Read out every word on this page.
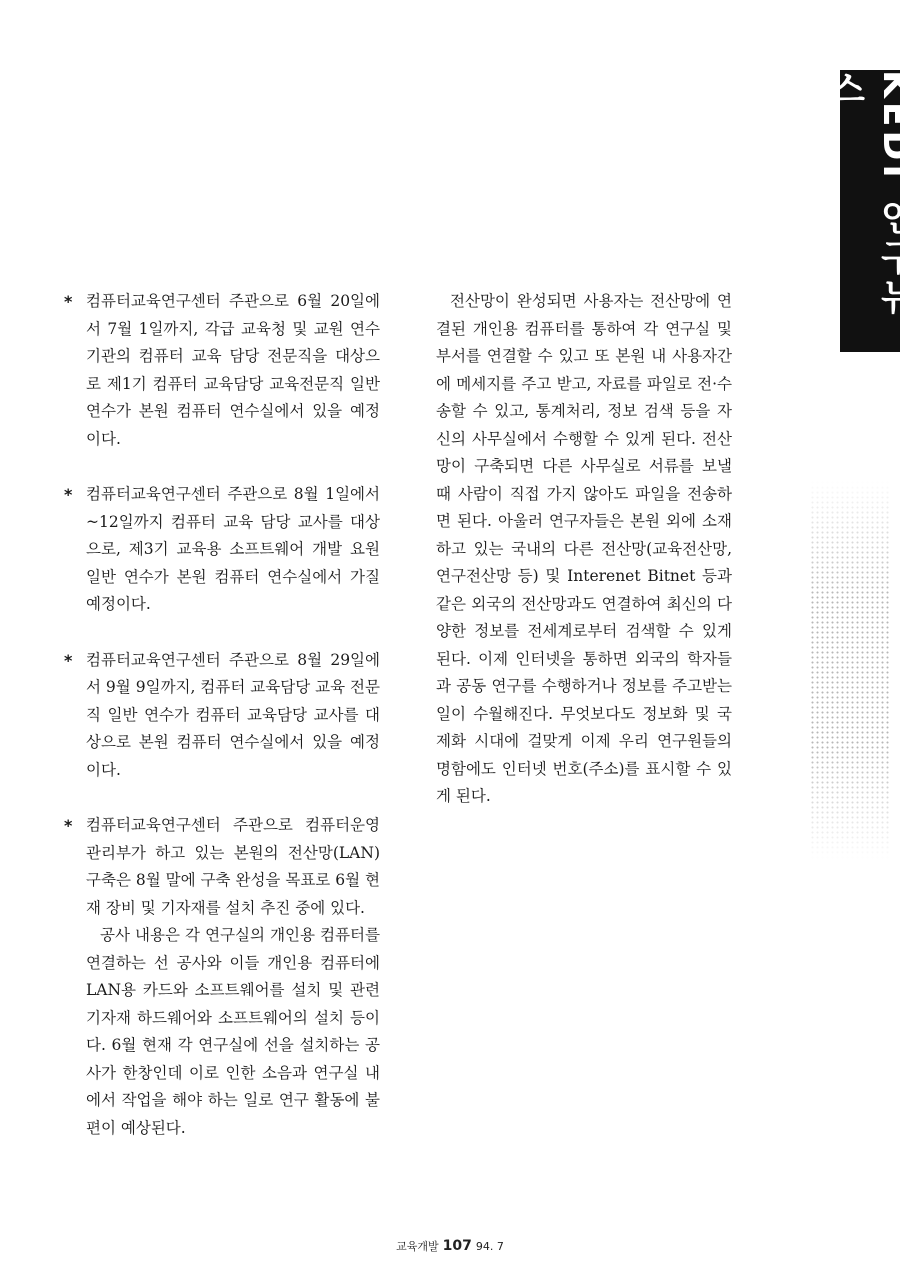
KEDI 연구뉴스
* 컴퓨터교육연구센터 주관으로 6월 20일에서 7월 1일까지, 각급 교육청 및 교원 연수기관의 컴퓨터 교육 담당 전문직을 대상으로 제1기 컴퓨터 교육담당 교육전문직 일반연수가 본원 컴퓨터 연수실에서 있을 예정이다.

* 컴퓨터교육연구센터 주관으로 8월 1일에서~12일까지 컴퓨터 교육 담당 교사를 대상으로, 제3기 교육용 소프트웨어 개발 요원 일반 연수가 본원 컴퓨터 연수실에서 가질 예정이다.

* 컴퓨터교육연구센터 주관으로 8월 29일에서 9월 9일까지, 컴퓨터 교육담당 교육 전문직 일반 연수가 컴퓨터 교육담당 교사를 대상으로 본원 컴퓨터 연수실에서 있을 예정이다.

* 컴퓨터교육연구센터 주관으로 컴퓨터운영관리부가 하고 있는 본원의 전산망(LAN) 구축은 8월 말에 구축 완성을 목표로 6월 현재 장비 및 기자재를 설치 추진 중에 있다.

공사 내용은 각 연구실의 개인용 컴퓨터를 연결하는 선 공사와 이들 개인용 컴퓨터에 LAN용 카드와 소프트웨어를 설치 및 관련 기자재 하드웨어와 소프트웨어의 설치 등이다. 6월 현재 각 연구실에 선을 설치하는 공사가 한창인데 이로 인한 소음과 연구실 내에서 작업을 해야 하는 일로 연구 활동에 불편이 예상된다.

전산망이 완성되면 사용자는 전산망에 연결된 개인용 컴퓨터를 통하여 각 연구실 및 부서를 연결할 수 있고 또 본원 내 사용자간에 메세지를 주고 받고, 자료를 파일로 전·수송할 수 있고, 통계처리, 정보 검색 등을 자신의 사무실에서 수행할 수 있게 된다. 전산망이 구축되면 다른 사무실로 서류를 보낼 때 사람이 직접 가지 않아도 파일을 전송하면 된다. 아울러 연구자들은 본원 외에 소재하고 있는 국내의 다른 전산망(교육전산망, 연구전산망 등) 및 Interenet Bitnet 등과 같은 외국의 전산망과도 연결하여 최신의 다양한 정보를 전세계로부터 검색할 수 있게 된다. 이제 인터넷을 통하면 외국의 학자들과 공동 연구를 수행하거나 정보를 주고받는 일이 수월해진다. 무엇보다도 정보화 및 국제화 시대에 걸맞게 이제 우리 연구원들의 명함에도 인터넷 번호(주소)를 표시할 수 있게 된다.

교육개발 107 94. 7
